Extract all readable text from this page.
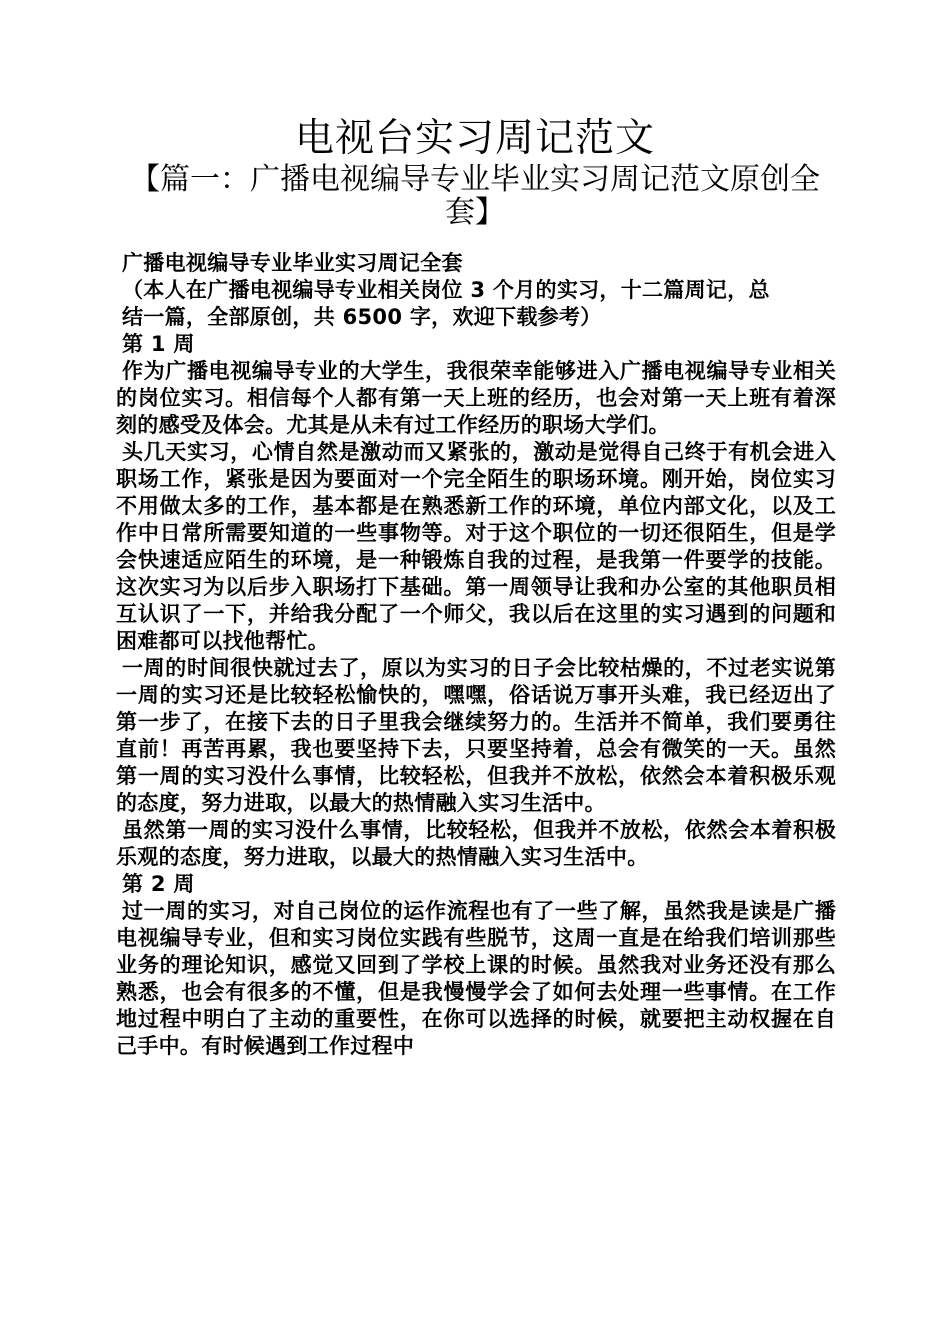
电视台实习周记范文
【篇一：广播电视编导专业毕业实习周记范文原创全套】

广播电视编导专业毕业实习周记全套

（本人在广播电视编导专业相关岗位 3 个月的实习，十二篇周记，总

结一篇，全部原创，共 6500 字，欢迎下载参考）

第 1 周

作为广播电视编导专业的大学生，我很荣幸能够进入广播电视编导专业相关的岗位实习。相信每个人都有第一天上班的经历，也会对第一天上班有着深刻的感受及体会。尤其是从未有过工作经历的职场大学们。

头几天实习，心情自然是激动而又紧张的，激动是觉得自己终于有机会进入职场工作，紧张是因为要面对一个完全陌生的职场环境。刚开始，岗位实习不用做太多的工作，基本都是在熟悉新工作的环境，单位内部文化，以及工作中日常所需要知道的一些事物等。对于这个职位的一切还很陌生，但是学会快速适应陌生的环境，是一种锻炼自我的过程，是我第一件要学的技能。这次实习为以后步入职场打下基础。第一周领导让我和办公室的其他职员相互认识了一下，并给我分配了一个师父，我以后在这里的实习遇到的问题和困难都可以找他帮忙。

一周的时间很快就过去了，原以为实习的日子会比较枯燥的，不过老实说第一周的实习还是比较轻松愉快的，嘿嘿，俗话说万事开头难，我已经迈出了第一步了，在接下去的日子里我会继续努力的。生活并不简单，我们要勇往直前！再苦再累，我也要坚持下去，只要坚持着，总会有微笑的一天。虽然第一周的实习没什么事情，比较轻松，但我并不放松，依然会本着积极乐观的态度，努力进取，以最大的热情融入实习生活中。

虽然第一周的实习没什么事情，比较轻松，但我并不放松，依然会本着积极乐观的态度，努力进取，以最大的热情融入实习生活中。

第 2 周

过一周的实习，对自己岗位的运作流程也有了一些了解，虽然我是读是广播电视编导专业，但和实习岗位实践有些脱节，这周一直是在给我们培训那些业务的理论知识，感觉又回到了学校上课的时候。虽然我对业务还没有那么熟悉，也会有很多的不懂，但是我慢慢学会了如何去处理一些事情。在工作地过程中明白了主动的重要性，在你可以选择的时候，就要把主动权握在自己手中。有时候遇到工作过程中
